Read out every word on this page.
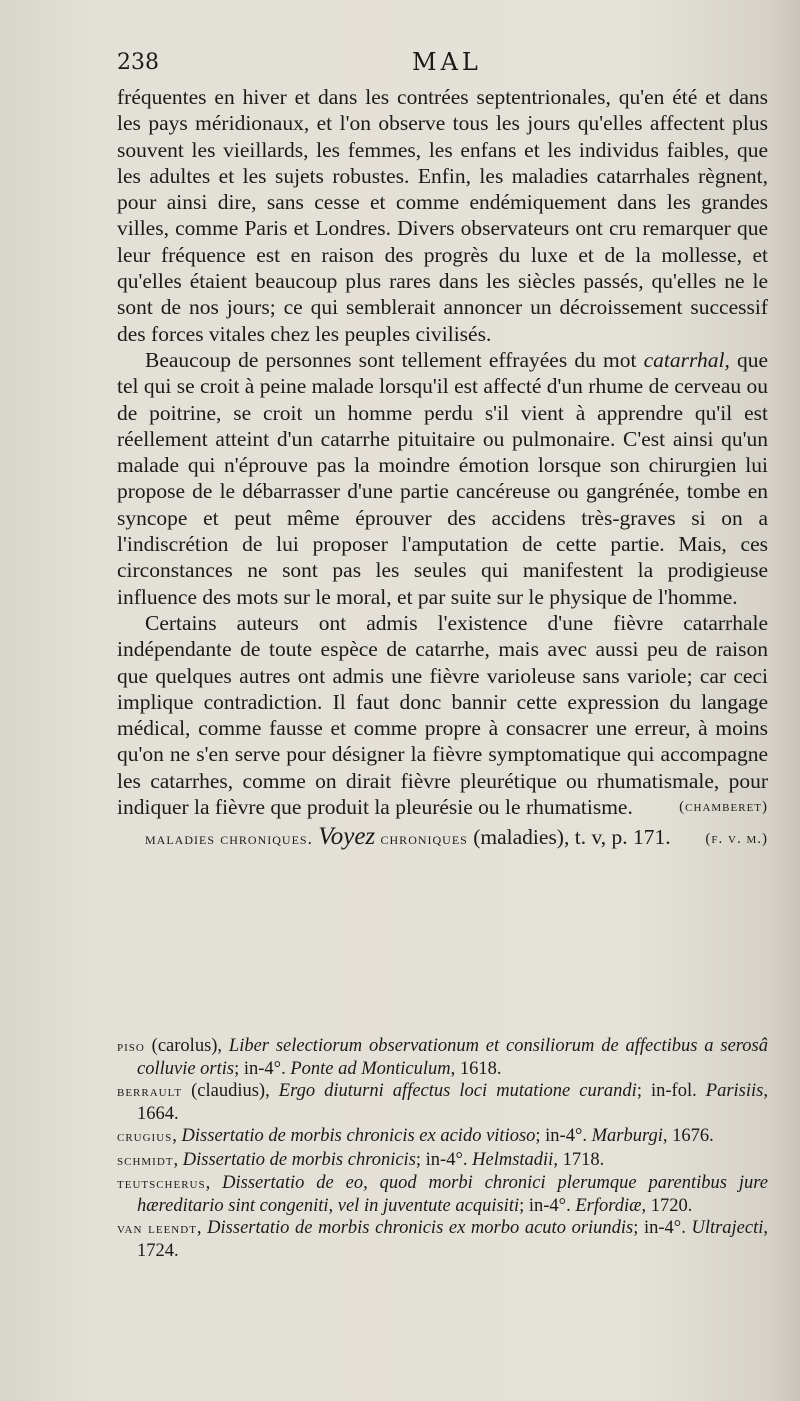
238	MAL

fréquentes en hiver et dans les contrées septentrionales, qu'en été et dans les pays méridionaux, et l'on observe tous les jours qu'elles affectent plus souvent les vieillards, les femmes, les enfans et les individus faibles, que les adultes et les sujets robustes. Enfin, les maladies catarrhales règnent, pour ainsi dire, sans cesse et comme endémiquement dans les grandes villes, comme Paris et Londres. Divers observateurs ont cru remarquer que leur fréquence est en raison des progrès du luxe et de la mollesse, et qu'elles étaient beaucoup plus rares dans les siècles passés, qu'elles ne le sont de nos jours; ce qui semblerait annoncer un décroissement successif des forces vitales chez les peuples civilisés.

Beaucoup de personnes sont tellement effrayées du mot catarrhal, que tel qui se croit à peine malade lorsqu'il est affecté d'un rhume de cerveau ou de poitrine, se croit un homme perdu s'il vient à apprendre qu'il est réellement atteint d'un catarrhe pituitaire ou pulmonaire. C'est ainsi qu'un malade qui n'éprouve pas la moindre émotion lorsque son chirurgien lui propose de le débarrasser d'une partie cancéreuse ou gangrénée, tombe en syncope et peut même éprouver des accidens très-graves si on a l'indiscrétion de lui proposer l'amputation de cette partie. Mais, ces circonstances ne sont pas les seules qui manifestent la prodigieuse influence des mots sur le moral, et par suite sur le physique de l'homme.

Certains auteurs ont admis l'existence d'une fièvre catarrhale indépendante de toute espèce de catarrhe, mais avec aussi peu de raison que quelques autres ont admis une fièvre varioleuse sans variole; car ceci implique contradiction. Il faut donc bannir cette expression du langage médical, comme fausse et comme propre à consacrer une erreur, à moins qu'on ne s'en serve pour désigner la fièvre symptomatique qui accompagne les catarrhes, comme on dirait fièvre pleurétique ou rhumatismale, pour indiquer la fièvre que produit la pleurésie ou le rhumatisme.	(chamberet)

maladies chroniques. Voyez chroniques (maladies), t. v, p. 171.	(f. v. m.)

piso (carolus), Liber selectiorum observationum et consiliorum de affectibus a serosâ colluvie ortis; in-4°. Ponte ad Monticulum, 1618.

berrault (claudius), Ergo diuturni affectus loci mutatione curandi; in-fol. Parisiis, 1664.

crugius, Dissertatio de morbis chronicis ex acido vitioso; in-4°. Marburgi, 1676.

schmidt, Dissertatio de morbis chronicis; in-4°. Helmstadii, 1718.

teutscherus, Dissertatio de eo, quod morbi chronici plerumque parentibus jure hæreditario sint congeniti, vel in juventute acquisiti; in-4°. Erfordiæ, 1720.

van leendt, Dissertatio de morbis chronicis ex morbo acuto oriundis; in-4°. Ultrajecti, 1724.
